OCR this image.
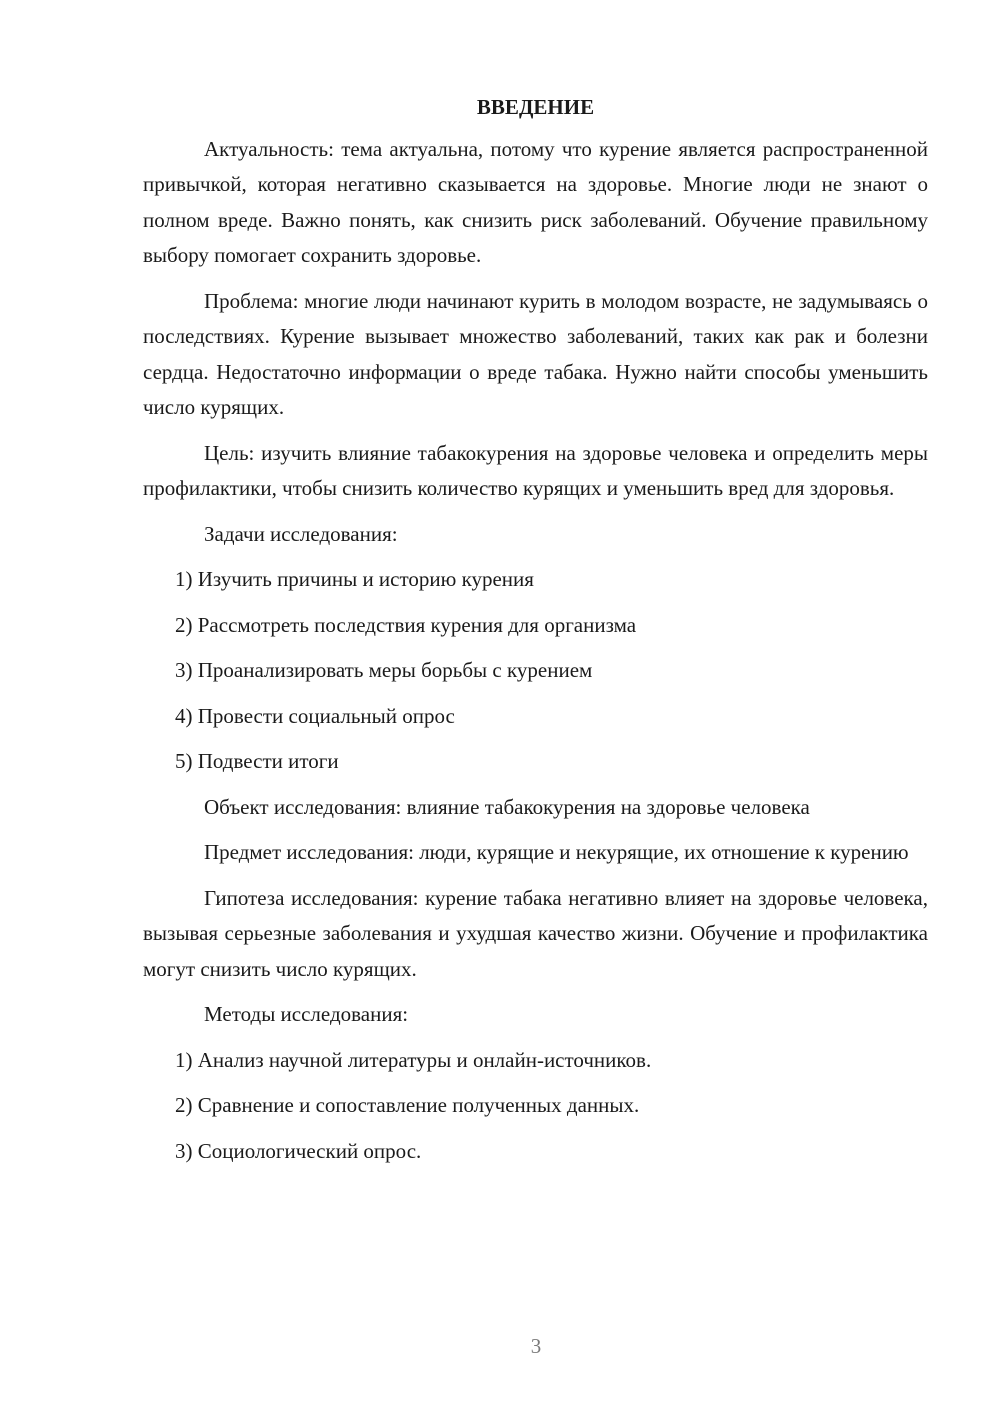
ВВЕДЕНИЕ

Актуальность: тема актуальна, потому что курение является распространенной привычкой, которая негативно сказывается на здоровье. Многие люди не знают о полном вреде. Важно понять, как снизить риск заболеваний. Обучение правильному выбору помогает сохранить здоровье.

Проблема: многие люди начинают курить в молодом возрасте, не задумываясь о последствиях. Курение вызывает множество заболеваний, таких как рак и болезни сердца. Недостаточно информации о вреде табака. Нужно найти способы уменьшить число курящих.

Цель: изучить влияние табакокурения на здоровье человека и определить меры профилактики, чтобы снизить количество курящих и уменьшить вред для здоровья.

Задачи исследования:
1) Изучить причины и историю курения
2) Рассмотреть последствия курения для организма
3) Проанализировать меры борьбы с курением
4) Провести социальный опрос
5) Подвести итоги
Объект исследования: влияние табакокурения на здоровье человека

Предмет исследования: люди, курящие и некурящие, их отношение к курению

Гипотеза исследования: курение табака негативно влияет на здоровье человека, вызывая серьезные заболевания и ухудшая качество жизни. Обучение и профилактика могут снизить число курящих.

Методы исследования:
1) Анализ научной литературы и онлайн-источников.
2) Сравнение и сопоставление полученных данных.
3) Социологический опрос.
3
